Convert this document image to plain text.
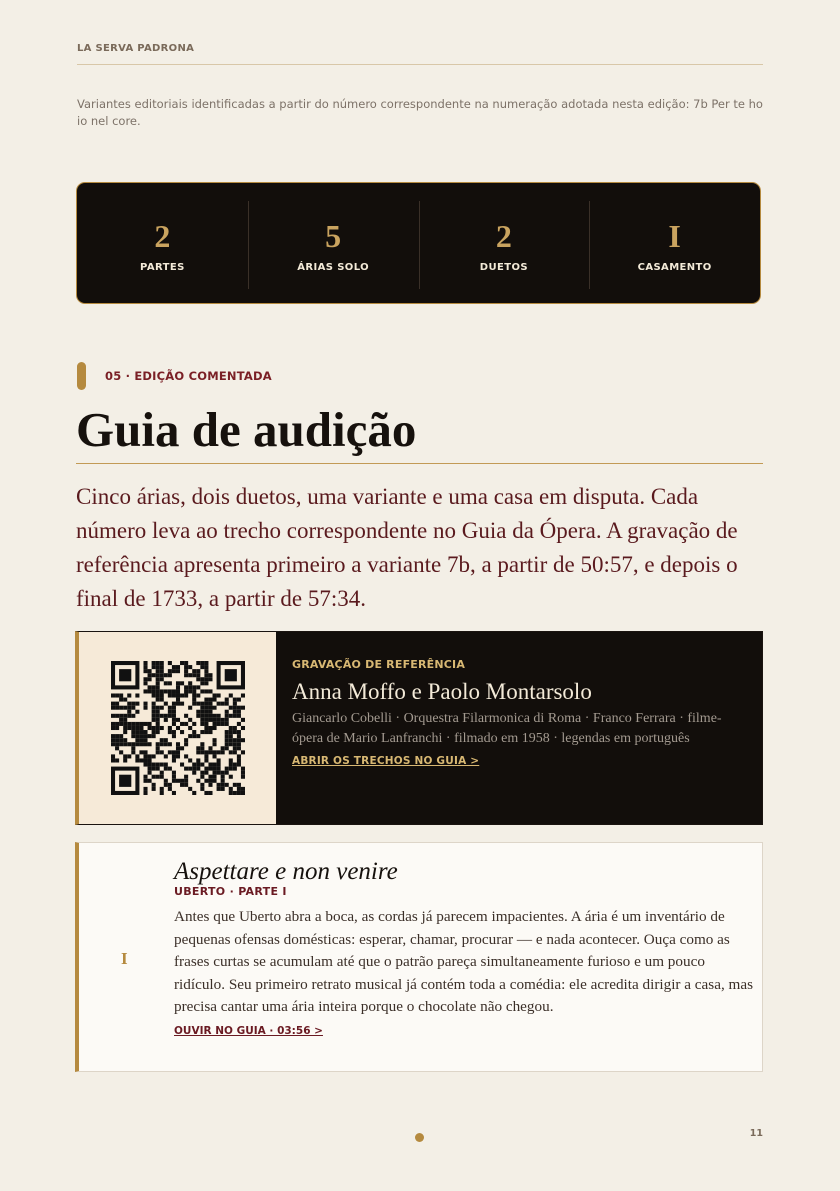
LA SERVA PADRONA
Variantes editoriais identificadas a partir do número correspondente na numeração adotada nesta edição: 7b Per te ho io nel core.
2
PARTES
5
ÁRIAS SOLO
2
DUETOS
I
CASAMENTO
05 · EDIÇÃO COMENTADA
Guia de audição

Cinco árias, dois duetos, uma variante e uma casa em disputa. Cada número leva ao trecho correspondente no Guia da Ópera. A gravação de referência apresenta primeiro a variante 7b, a partir de 50:57, e depois o final de 1733, a partir de 57:34.

GRAVAÇÃO DE REFERÊNCIA
Anna Moffo e Paolo Montarsolo
Giancarlo Cobelli · Orquestra Filarmonica di Roma · Franco Ferrara · filme-ópera de Mario Lanfranchi · filmado em 1958 · legendas em português
ABRIR OS TRECHOS NO GUIA >
I
Aspettare e non venire
UBERTO · PARTE I
Antes que Uberto abra a boca, as cordas já parecem impacientes. A ária é um inventário de pequenas ofensas domésticas: esperar, chamar, procurar — e nada acontecer. Ouça como as frases curtas se acumulam até que o patrão pareça simultaneamente furioso e um pouco ridículo. Seu primeiro retrato musical já contém toda a comédia: ele acredita dirigir a casa, mas precisa cantar uma ária inteira porque o chocolate não chegou.
OUVIR NO GUIA · 03:56 >
11
